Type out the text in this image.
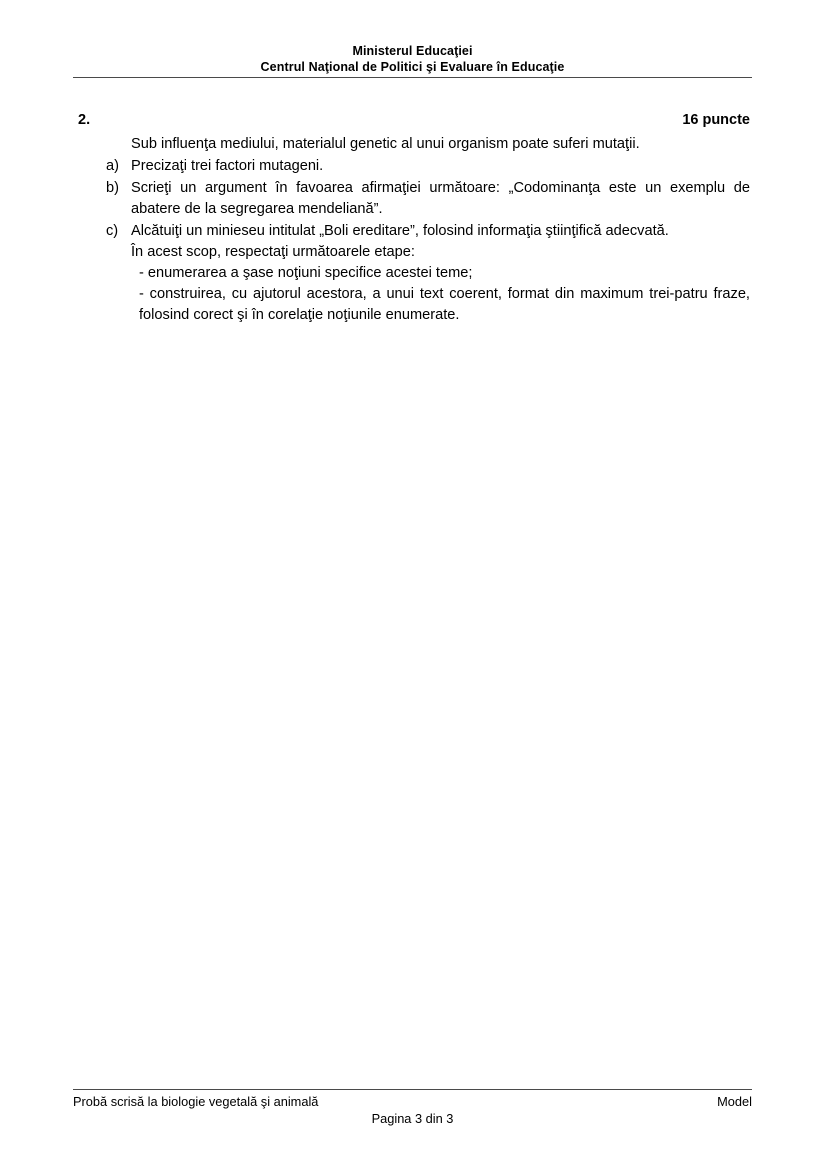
Ministerul Educaţiei
Centrul Naţional de Politici şi Evaluare în Educaţie
2.	16 puncte
Sub influenţa mediului, materialul genetic al unui organism poate suferi mutaţii.
a) Precizaţi trei factori mutageni.
b) Scrieţi un argument în favoarea afirmaţiei următoare: „Codominanţa este un exemplu de abatere de la segregarea mendeliană”.
c) Alcătuiţi un minieseu intitulat „Boli ereditare”, folosind informaţia ştiinţifică adecvată.
În acest scop, respectaţi următoarele etape:
- enumerarea a şase noţiuni specifice acestei teme;
- construirea, cu ajutorul acestora, a unui text coerent, format din maximum trei-patru fraze, folosind corect şi în corelaţie noţiunile enumerate.
Probă scrisă la biologie vegetală şi animală	Model
Pagina 3 din 3
